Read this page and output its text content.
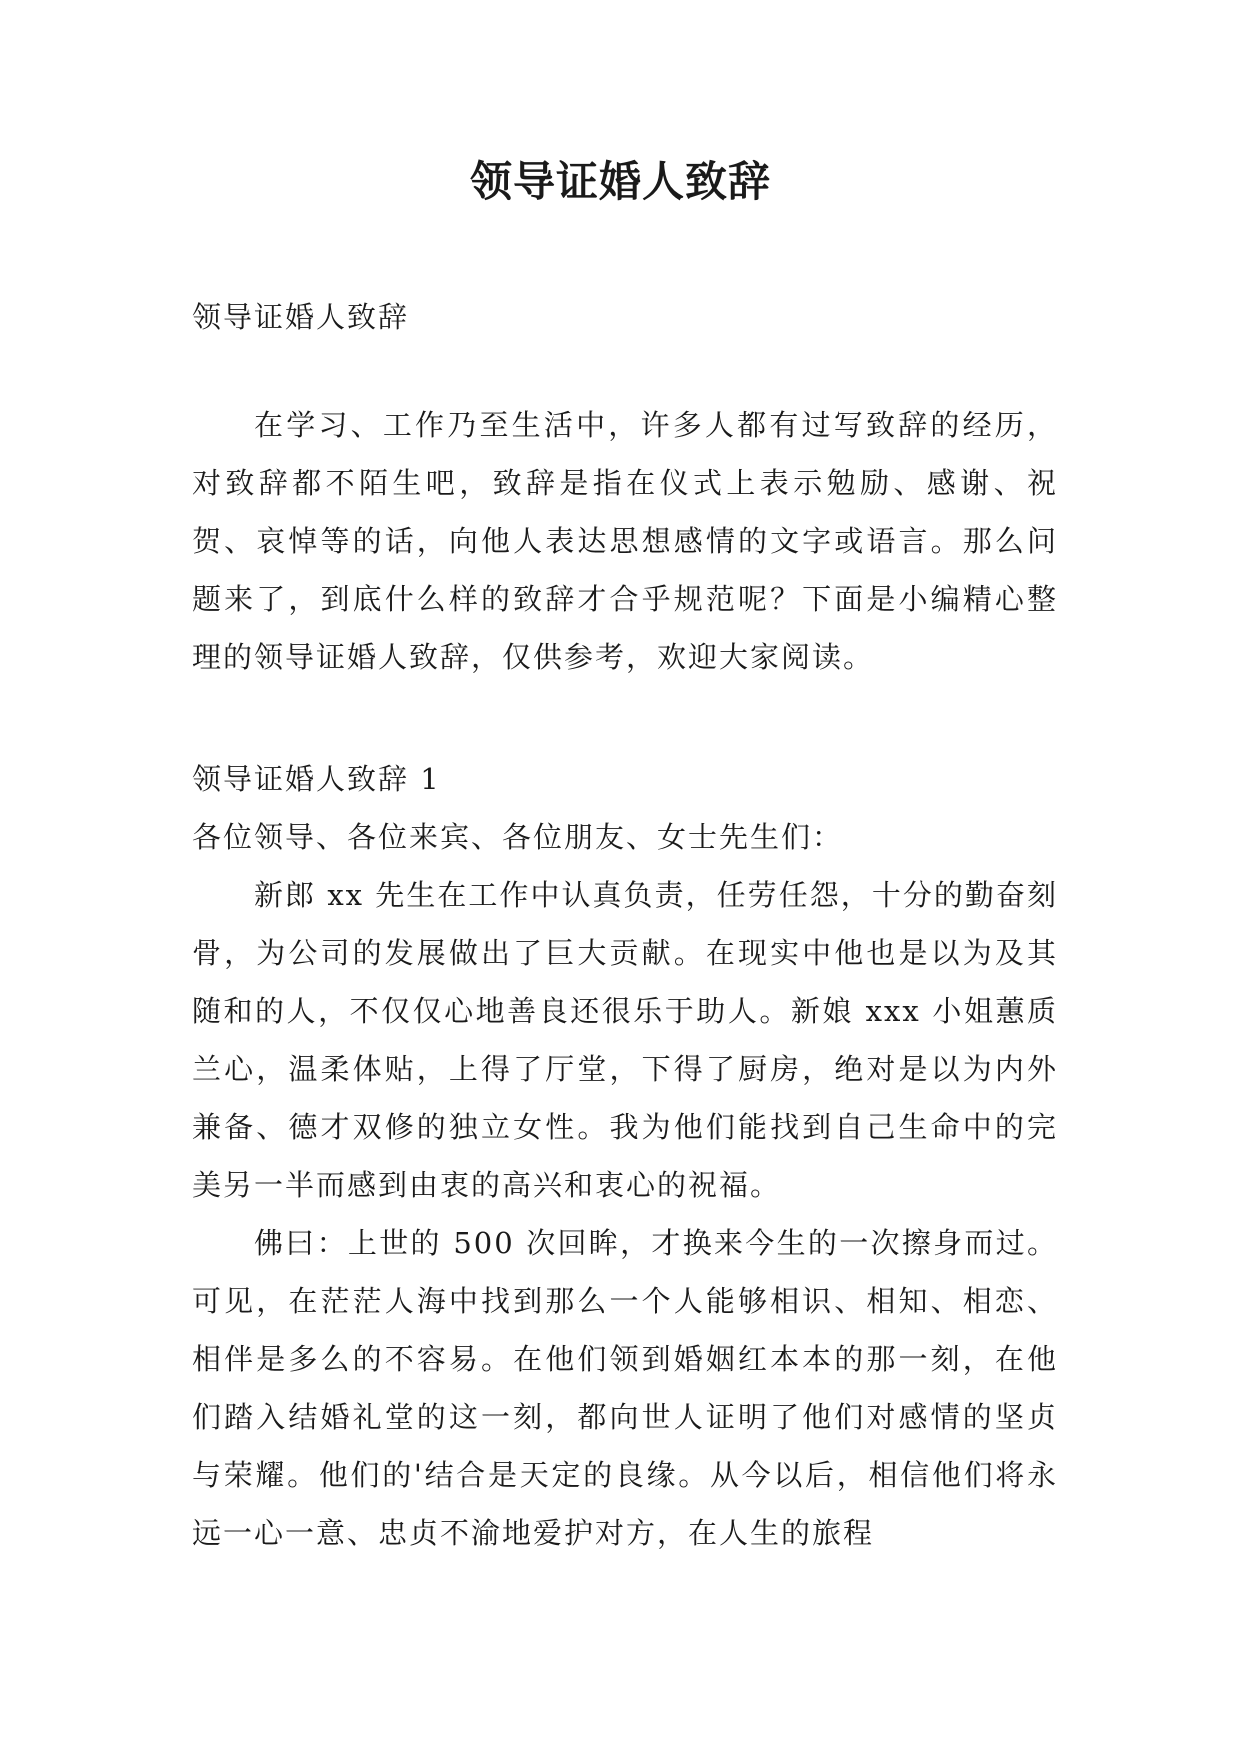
领导证婚人致辞

领导证婚人致辞

在学习、工作乃至生活中，许多人都有过写致辞的经历，对致辞都不陌生吧，致辞是指在仪式上表示勉励、感谢、祝贺、哀悼等的话，向他人表达思想感情的文字或语言。那么问题来了，到底什么样的致辞才合乎规范呢？下面是小编精心整理的领导证婚人致辞，仅供参考，欢迎大家阅读。

领导证婚人致辞 1

各位领导、各位来宾、各位朋友、女士先生们：

新郎 xx 先生在工作中认真负责，任劳任怨，十分的勤奋刻骨，为公司的发展做出了巨大贡献。在现实中他也是以为及其随和的人，不仅仅心地善良还很乐于助人。新娘 xxx 小姐蕙质兰心，温柔体贴，上得了厅堂，下得了厨房，绝对是以为内外兼备、德才双修的独立女性。我为他们能找到自己生命中的完美另一半而感到由衷的高兴和衷心的祝福。

佛曰：上世的 500 次回眸，才换来今生的一次擦身而过。可见，在茫茫人海中找到那么一个人能够相识、相知、相恋、相伴是多么的不容易。在他们领到婚姻红本本的那一刻，在他们踏入结婚礼堂的这一刻，都向世人证明了他们对感情的坚贞与荣耀。他们的'结合是天定的良缘。从今以后，相信他们将永远一心一意、忠贞不渝地爱护对方，在人生的旅程
